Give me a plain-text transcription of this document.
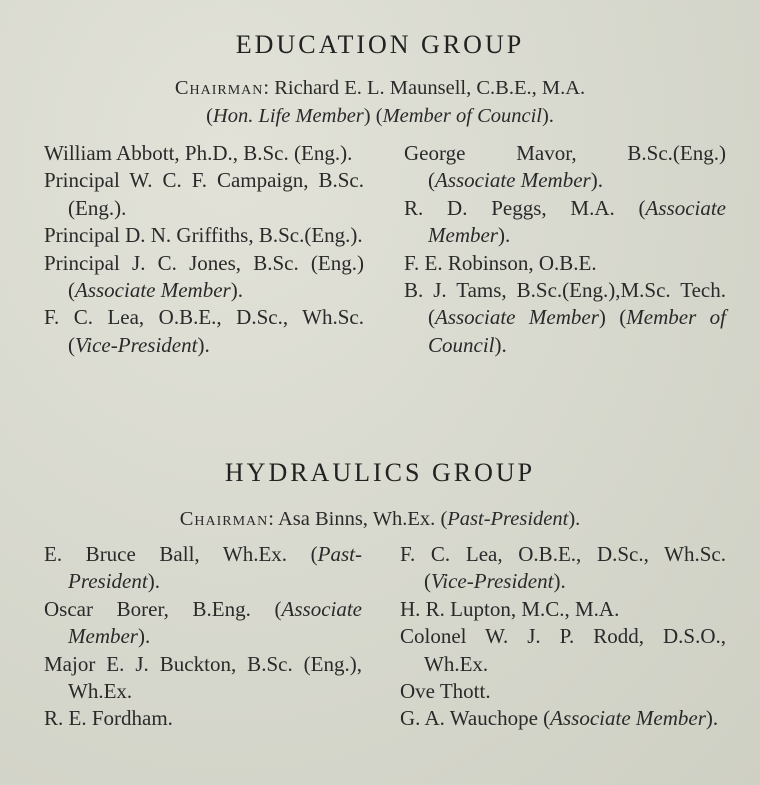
EDUCATION GROUP
Chairman: Richard E. L. Maunsell, C.B.E., M.A.
(Hon. Life Member) (Member of Council).
William Abbott, Ph.D., B.Sc. (Eng.).
Principal W. C. F. Campaign, B.Sc.(Eng.).
Principal D. N. Griffiths, B.Sc.(Eng.).
Principal J. C. Jones, B.Sc. (Eng.) (Associate Member).
F. C. Lea, O.B.E., D.Sc., Wh.Sc. (Vice-President).
George Mavor, B.Sc.(Eng.) (Associate Member).
R. D. Peggs, M.A. (Associate Member).
F. E. Robinson, O.B.E.
B. J. Tams, B.Sc.(Eng.),M.Sc. Tech. (Associate Member) (Member of Council).
HYDRAULICS GROUP
Chairman: Asa Binns, Wh.Ex. (Past-President).
E. Bruce Ball, Wh.Ex. (Past-President).
Oscar Borer, B.Eng. (Associate Member).
Major E. J. Buckton, B.Sc. (Eng.), Wh.Ex.
R. E. Fordham.
F. C. Lea, O.B.E., D.Sc., Wh.Sc. (Vice-President).
H. R. Lupton, M.C., M.A.
Colonel W. J. P. Rodd, D.S.O., Wh.Ex.
Ove Thott.
G. A. Wauchope (Associate Member).
